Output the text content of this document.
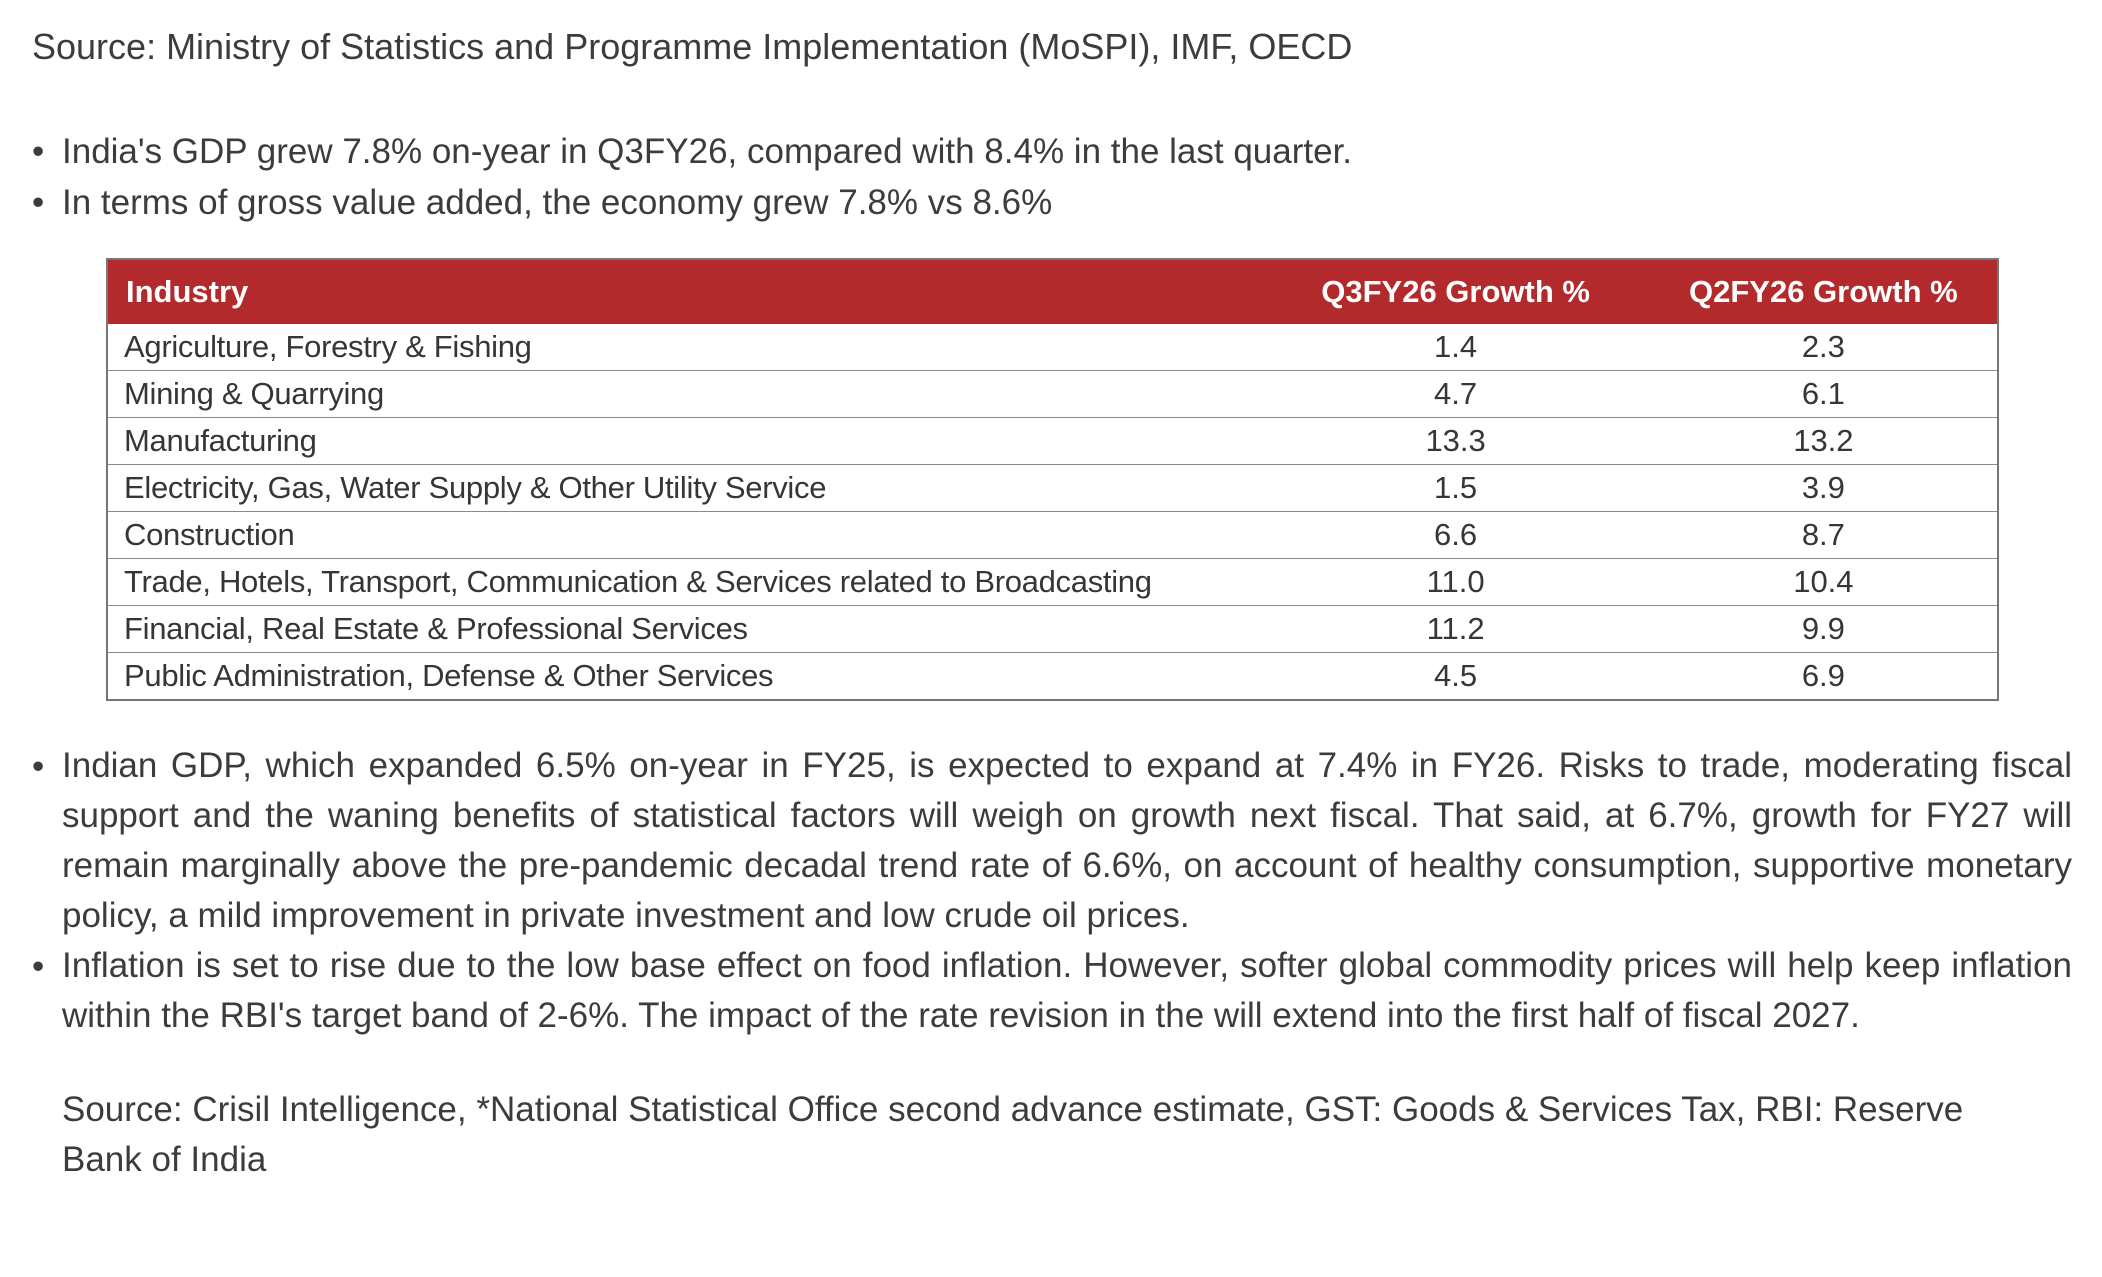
Source: Ministry of Statistics and Programme Implementation (MoSPI), IMF, OECD
• India's GDP grew 7.8% on-year in Q3FY26, compared with 8.4% in the last quarter.
• In terms of gross value added, the economy grew 7.8% vs 8.6%
Industry	Q3FY26 Growth %	Q2FY26 Growth %
Agriculture, Forestry & Fishing	1.4	2.3
Mining & Quarrying	4.7	6.1
Manufacturing	13.3	13.2
Electricity, Gas, Water Supply & Other Utility Service	1.5	3.9
Construction	6.6	8.7
Trade, Hotels, Transport, Communication & Services related to Broadcasting	11.0	10.4
Financial, Real Estate & Professional Services	11.2	9.9
Public Administration, Defense & Other Services	4.5	6.9
• Indian GDP, which expanded 6.5% on-year in FY25, is expected to expand at 7.4% in FY26. Risks to trade, moderating fiscal support and the waning benefits of statistical factors will weigh on growth next fiscal. That said, at 6.7%, growth for FY27 will remain marginally above the pre-pandemic decadal trend rate of 6.6%, on account of healthy consumption, supportive monetary policy, a mild improvement in private investment and low crude oil prices.
• Inflation is set to rise due to the low base effect on food inflation. However, softer global commodity prices will help keep inflation within the RBI's target band of 2-6%. The impact of the rate revision in the will extend into the first half of fiscal 2027.
Source: Crisil Intelligence, *National Statistical Office second advance estimate, GST: Goods & Services Tax, RBI: Reserve Bank of India
